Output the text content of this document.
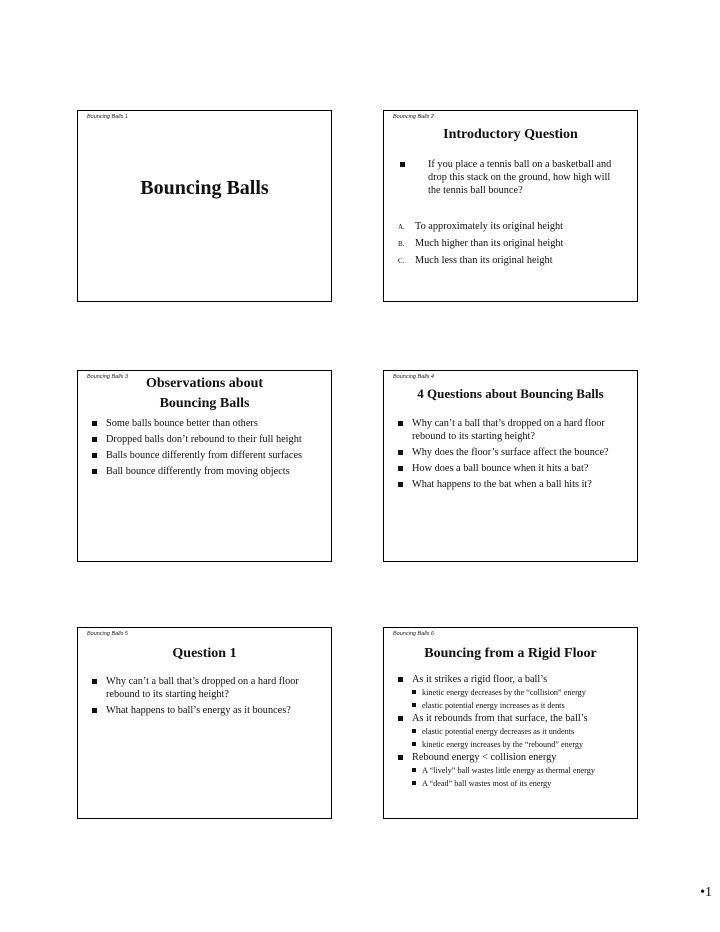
Bouncing Balls 1
Bouncing Balls
Bouncing Balls 2
Introductory Question
If you place a tennis ball on a basketball and drop this stack on the ground, how high will the tennis ball bounce?
A. To approximately its original height
B. Much higher than its original height
C. Much less than its original height
Bouncing Balls 3	Observations about
Bouncing Balls
Some balls bounce better than others
Dropped balls don’t rebound to their full height
Balls bounce differently from different surfaces
Ball bounce differently from moving objects
Bouncing Balls 4
4 Questions about Bouncing Balls
Why can’t a ball that’s dropped on a hard floor rebound to its starting height?
Why does the floor’s surface affect the bounce?
How does a ball bounce when it hits a bat?
What happens to the bat when a ball hits it?
Bouncing Balls 5
Question 1
Why can’t a ball that’s dropped on a hard floor rebound to its starting height?
What happens to ball’s energy as it bounces?
Bouncing Balls 6
Bouncing from a Rigid Floor
As it strikes a rigid floor, a ball’s
kinetic energy decreases by the “collision” energy
elastic potential energy increases as it dents
As it rebounds from that surface, the ball’s
elastic potential energy decreases as it undents
kinetic energy increases by the “rebound” energy
Rebound energy < collision energy
A “lively” ball wastes little energy as thermal energy
A “dead” ball wastes most of its energy
•1
